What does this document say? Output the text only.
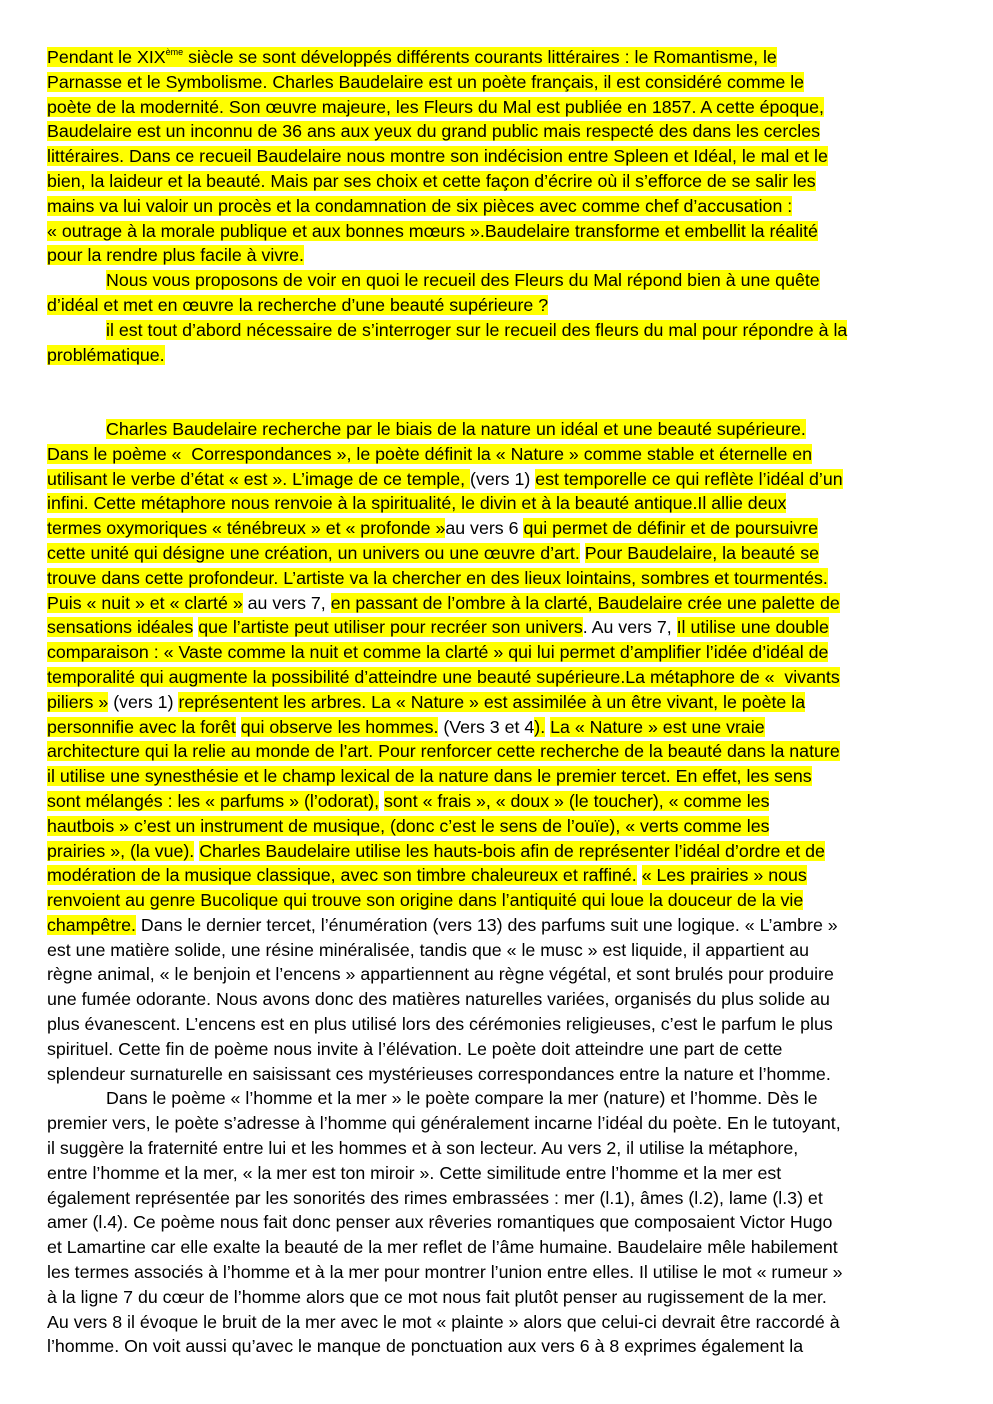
Pendant le XIXème siècle se sont développés différents courants littéraires : le Romantisme, le
Parnasse et le Symbolisme. Charles Baudelaire est un poète français, il est considéré comme le
poète de la modernité. Son œuvre majeure, les Fleurs du Mal est publiée en 1857. A cette époque,
Baudelaire est un inconnu de 36 ans aux yeux du grand public mais respecté des dans les cercles
littéraires. Dans ce recueil Baudelaire nous montre son indécision entre Spleen et Idéal, le mal et le
bien, la laideur et la beauté. Mais par ses choix et cette façon d’écrire où il s’efforce de se salir les
mains va lui valoir un procès et la condamnation de six pièces avec comme chef d’accusation :
« outrage à la morale publique et aux bonnes mœurs ».Baudelaire transforme et embellit la réalité
pour la rendre plus facile à vivre.
Nous vous proposons de voir en quoi le recueil des Fleurs du Mal répond bien à une quête
d’idéal et met en œuvre la recherche d’une beauté supérieure ?
il est tout d’abord nécessaire de s’interroger sur le recueil des fleurs du mal pour répondre à la
problématique.
Charles Baudelaire recherche par le biais de la nature un idéal et une beauté supérieure.
Dans le poème «  Correspondances », le poète définit la « Nature » comme stable et éternelle en
utilisant le verbe d’état « est ». L’image de ce temple, (vers 1) est temporelle ce qui reflète l’idéal d’un
infini. Cette métaphore nous renvoie à la spiritualité, le divin et à la beauté antique.Il allie deux
termes oxymoriques « ténébreux » et « profonde »au vers 6 qui permet de définir et de poursuivre
cette unité qui désigne une création, un univers ou une œuvre d’art. Pour Baudelaire, la beauté se
trouve dans cette profondeur. L’artiste va la chercher en des lieux lointains, sombres et tourmentés.
Puis « nuit » et « clarté » au vers 7, en passant de l’ombre à la clarté, Baudelaire crée une palette de
sensations idéales que l’artiste peut utiliser pour recréer son univers. Au vers 7, Il utilise une double
comparaison : « Vaste comme la nuit et comme la clarté » qui lui permet d’amplifier l’idée d’idéal de
temporalité qui augmente la possibilité d’atteindre une beauté supérieure.La métaphore de «  vivants
piliers » (vers 1) représentent les arbres. La « Nature » est assimilée à un être vivant, le poète la
personnifie avec la forêt qui observe les hommes. (Vers 3 et 4). La « Nature » est une vraie
architecture qui la relie au monde de l’art. Pour renforcer cette recherche de la beauté dans la nature
il utilise une synesthésie et le champ lexical de la nature dans le premier tercet. En effet, les sens
sont mélangés : les « parfums » (l’odorat), sont « frais », « doux » (le toucher), « comme les
hautbois » c’est un instrument de musique, (donc c’est le sens de l’ouïe), « verts comme les
prairies », (la vue). Charles Baudelaire utilise les hauts-bois afin de représenter l’idéal d’ordre et de
modération de la musique classique, avec son timbre chaleureux et raffiné. « Les prairies » nous
renvoient au genre Bucolique qui trouve son origine dans l’antiquité qui loue la douceur de la vie
champêtre. Dans le dernier tercet, l’énumération (vers 13) des parfums suit une logique. « L’ambre »
est une matière solide, une résine minéralisée, tandis que « le musc » est liquide, il appartient au
règne animal, « le benjoin et l’encens » appartiennent au règne végétal, et sont brulés pour produire
une fumée odorante. Nous avons donc des matières naturelles variées, organisés du plus solide au
plus évanescent. L’encens est en plus utilisé lors des cérémonies religieuses, c’est le parfum le plus
spirituel. Cette fin de poème nous invite à l’élévation. Le poète doit atteindre une part de cette
splendeur surnaturelle en saisissant ces mystérieuses correspondances entre la nature et l’homme.
Dans le poème « l’homme et la mer » le poète compare la mer (nature) et l’homme. Dès le
premier vers, le poète s’adresse à l’homme qui généralement incarne l’idéal du poète. En le tutoyant,
il suggère la fraternité entre lui et les hommes et à son lecteur. Au vers 2, il utilise la métaphore,
entre l’homme et la mer, « la mer est ton miroir ». Cette similitude entre l’homme et la mer est
également représentée par les sonorités des rimes embrassées : mer (l.1), âmes (l.2), lame (l.3) et
amer (l.4). Ce poème nous fait donc penser aux rêveries romantiques que composaient Victor Hugo
et Lamartine car elle exalte la beauté de la mer reflet de l’âme humaine. Baudelaire mêle habilement
les termes associés à l’homme et à la mer pour montrer l’union entre elles. Il utilise le mot « rumeur »
à la ligne 7 du cœur de l’homme alors que ce mot nous fait plutôt penser au rugissement de la mer.
Au vers 8 il évoque le bruit de la mer avec le mot « plainte » alors que celui-ci devrait être raccordé à
l’homme. On voit aussi qu’avec le manque de ponctuation aux vers 6 à 8 exprimes également la
